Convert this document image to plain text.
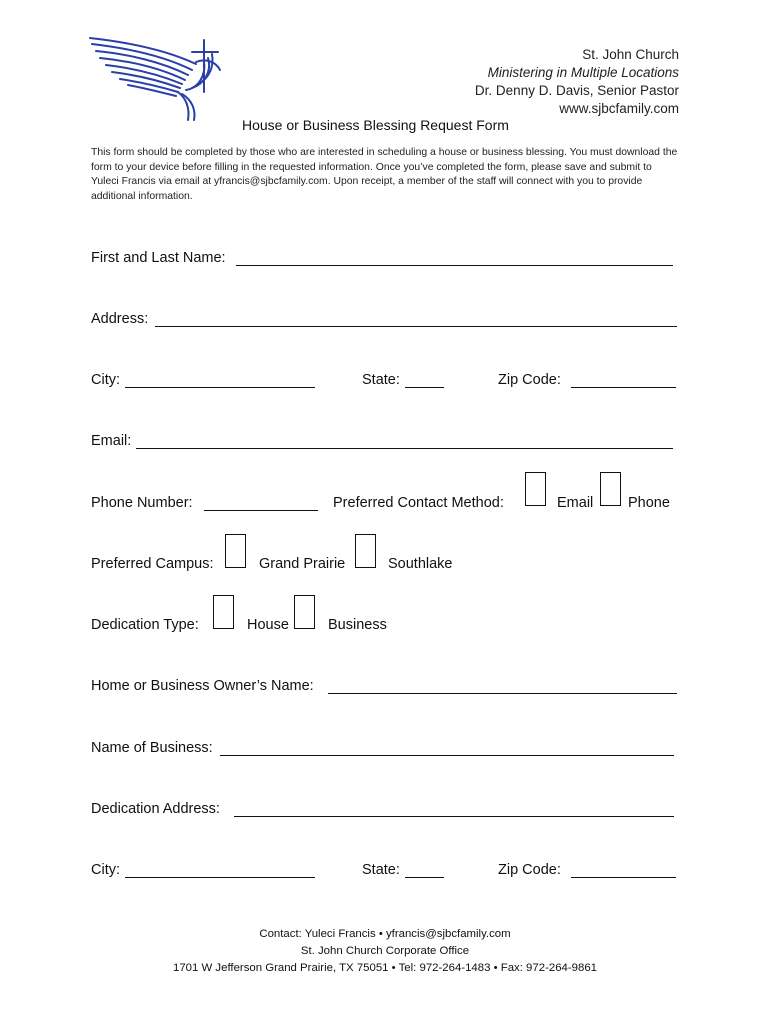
St. John Church
Ministering in Multiple Locations
Dr. Denny D. Davis, Senior Pastor
www.sjbcfamily.com
House or Business Blessing Request Form
This form should be completed by those who are interested in scheduling a house or business blessing. You must download the form to your device before filling in the requested information. Once you’ve completed the form, please save and submit to Yuleci Francis via email at yfrancis@sjbcfamily.com. Upon receipt, a member of the staff will connect with you to provide additional information.
First and Last Name:
Address:
City:	State:	Zip Code:
Email:
Phone Number:	Preferred Contact Method:	Email Phone
Preferred Campus:	Grand Prairie	Southlake
Dedication Type:	House	Business
Home or Business Owner’s Name:
Name of Business:
Dedication Address:
City:	State:	Zip Code:
Contact: Yuleci Francis • yfrancis@sjbcfamily.com
St. John Church Corporate Office
1701 W Jefferson Grand Prairie, TX 75051 • Tel: 972-264-1483 • Fax: 972-264-9861
